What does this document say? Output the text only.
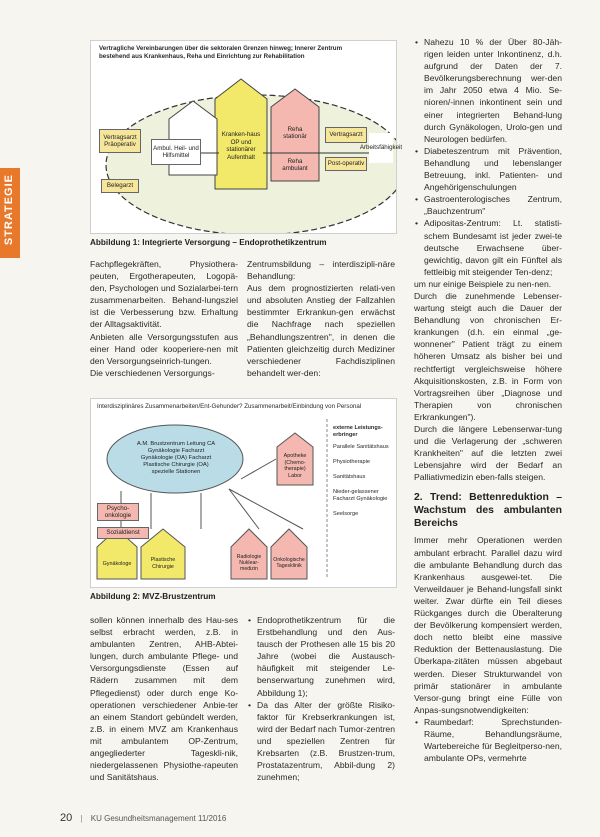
STRATEGIE
Vertragliche Vereinbarungen über die sektoralen Grenzen hinweg; Innerer Zentrum bestehend aus Krankenhaus, Reha und Einrichtung zur Rehabilitation
Vertragsarzt Präoperativ
Belegarzt
Ambul. Heil- und Hilfsmittel
Kranken-haus OP und stationärer Aufenthalt
Reha stationär
Reha ambulant
Vertragsarzt
Post-operativ
Arbeitsfähigkeit
Abbildung 1: Integrierte Versorgung – Endoprothetikzentrum

Fachpflegekräften, Physiothera-peuten, Ergotherapeuten, Logopä-den, Psychologen und Sozialarbei-tern zusammenarbeiten. Behand-lungsziel ist die Verbesserung bzw. Erhaltung der Alltagsaktivität.

Anbieten alle Versorgungsstufen aus einer Hand oder kooperiere-nen mit den Versorgungseinrich-tungen.

Die verschiedenen Versorgungs-

Zentrumsbildung – interdiszipli-näre Behandlung:

Aus dem prognostizierten relati-ven und absoluten Anstieg der Fallzahlen bestimmter Erkrankun-gen erwächst die Nachfrage nach speziellen „Behandlungszentren", in denen die Patienten gleichzeitig durch Mediziner verschiedener Fachdisziplinen behandelt wer-den:

Interdisziplinäres Zusammenarbeiten/Ent-Gehunder? Zusammenarbeit/Einbindung von Personal
A.M. Brustzentrum Leitung CA Gynäkologie Facharzt Gynäkologie (OA) Facharzt Plastische Chirurgie (OA) spezielle Stationen
Apotheke (Chemo-therapie) Labor
Psycho-onkologie
Sozialdienst
Gynäkologe
Plastische Chirurgie
Radiologie Nuklear-medizin
Onkologische Tagesklinik
externe Leistungs-erbringer
Parallele Sanitätshaus
Physiotherapie
Sanitätshaus
Nieder-gelassener Facharzt Gynäkologie
Seelsorge
Abbildung 2: MVZ-Brustzentrum
sollen können innerhalb des Hau-ses selbst erbracht werden, z.B. in ambulanten Zentren, AHB-Abtei-lungen, durch ambulante Pflege- und Versorgungsdienste (Essen auf Rädern zusammen mit dem Pflegedienst) oder durch enge Ko-operationen verschiedener Anbie-ter an einem Standort gebündelt werden, z.B. in einem MVZ am Krankenhaus mit ambulantem OP-Zentrum, angegliederter Tageskli-nik, niedergelassenen Physiothe-rapeuten und Sanitätshaus.
• Endoprothetikzentrum für die Erstbehandlung und den Aus-tausch der Prothesen alle 15 bis 20 Jahre (wobei die Austausch-häufigkeit mit steigender Le-benserwartung zunehmen wird, Abbildung 1);
• Da das Alter der größte Risiko-faktor für Krebserkrankungen ist, wird der Bedarf nach Tumor-zentren und speziellen Zentren für Krebsarten (z.B. Brustzen-trum, Prostatazentrum, Abbil-dung 2) zunehmen;
• Nahezu 10 % der Über 80-Jäh-rigen leiden unter Inkontinenz, d.h. aufgrund der Daten der 7. Bevölkerungsberechnung wer-den im Jahr 2050 etwa 4 Mio. Se-nioren/-innen inkontinent sein und einer integrierten Behand-lung durch Gynäkologen, Urolo-gen und Neurologen bedürfen.
• Diabeteszentrum mit Prävention, Behandlung und lebenslanger Betreuung, inkl. Patienten- und Angehörigenschulungen
• Gastroenterologisches Zentrum, „Bauchzentrum"
• Adipositas-Zentrum: Lt. statisti-schem Bundesamt ist jeder zwei-te deutsche Erwachsene über-gewichtig, davon gilt ein Fünftel als fettleibig mit steigender Ten-denz;

um nur einige Beispiele zu nen-nen.

Durch die zunehmende Lebenser-wartung steigt auch die Dauer der Behandlung von chronischen Er-krankungen (d.h. ein einmal „ge-wonnener" Patient trägt zu einem höheren Umsatz als bisher bei und rechtfertigt vergleichsweise höhere Akquisitionskosten, z.B. in Form von Vortragsreihen über „Diagnose und Therapien von chronischen Erkrankungen").

Durch die längere Lebenserwar-tung und die Verlagerung der „schweren Krankheiten" auf die letzten zwei Lebensjahre wird der Bedarf an Palliativmedizin eben-falls steigen.

2. Trend: Bettenreduktion – Wachstum des ambulanten Bereichs

Immer mehr Operationen werden ambulant erbracht. Parallel dazu wird die ambulante Behandlung durch das Krankenhaus ausgewei-tet. Die Verweildauer je Behand-lungsfall sinkt weiter. Zwar dürfte ein Teil dieses Rückganges durch die Überalterung der Bevölkerung kompensiert werden, doch netto bleibt eine massive Reduktion der Bettenauslastung. Die Überkapa-zitäten müssen abgebaut werden. Dieser Strukturwandel von primär stationärer in ambulante Versor-gung bringt eine Fülle von Anpas-sungsnotwendigkeiten:

• Raumbedarf: Sprechstunden-Räume, Behandlungsräume, Wartebereiche für Begleitperso-nen, ambulante OPs, vermehrte
20 | KU Gesundheitsmanagement 11/2016
